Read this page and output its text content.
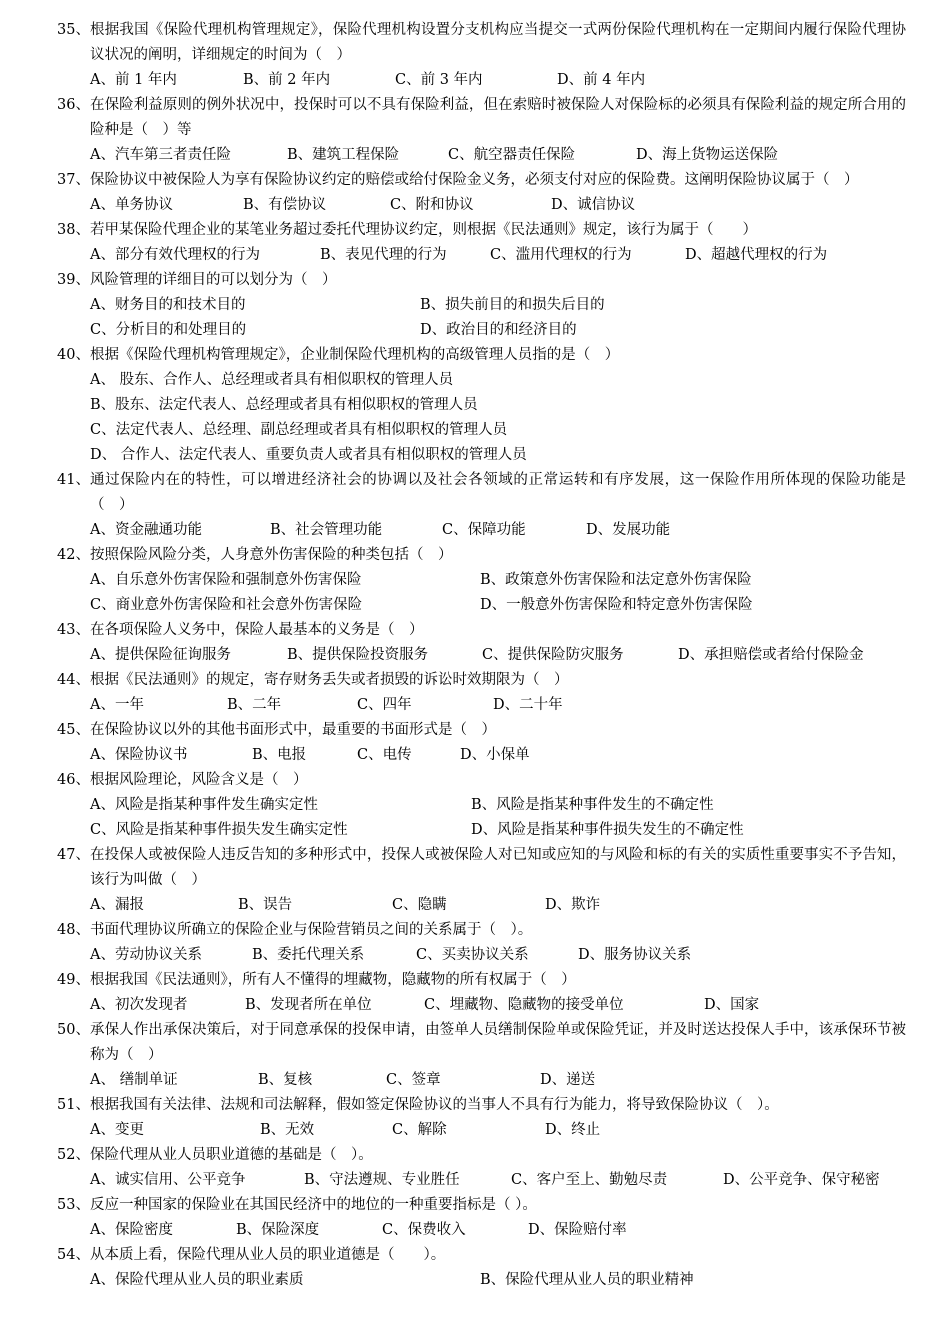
35、 根据我国《保险代理机构管理规定》，保险代理机构设置分支机构应当提交一式两份保险代理机构在一定期间内履行保险代理协议状况的阐明，详细规定的时间为（　）
A、前 1 年内	B、前 2 年内	C、前 3 年内	D、前 4 年内
36、 在保险利益原则的例外状况中，投保时可以不具有保险利益，但在索赔时被保险人对保险标的必须具有保险利益的规定所合用的险种是（　）等
A、汽车第三者责任险	B、建筑工程保险	C、航空器责任保险	D、海上货物运送保险
37、 保险协议中被保险人为享有保险协议约定的赔偿或给付保险金义务，必须支付对应的保险费。这阐明保险协议属于（　）
A、单务协议	B、有偿协议	C、附和协议	D、诚信协议
38、 若甲某保险代理企业的某笔业务超过委托代理协议约定，则根据《民法通则》规定，该行为属于（　　）
A、部分有效代理权的行为	B、表见代理的行为	C、滥用代理权的行为	D、超越代理权的行为
39、 风险管理的详细目的可以划分为（　）
A、财务目的和技术目的	B、损失前目的和损失后目的
C、分析目的和处理目的	D、政治目的和经济目的
40、 根据《保险代理机构管理规定》，企业制保险代理机构的高级管理人员指的是（　）
A、 股东、合作人、总经理或者具有相似职权的管理人员
B、股东、法定代表人、总经理或者具有相似职权的管理人员
C、法定代表人、总经理、副总经理或者具有相似职权的管理人员
D、 合作人、法定代表人、重要负责人或者具有相似职权的管理人员
41、 通过保险内在的特性，可以增进经济社会的协调以及社会各领域的正常运转和有序发展，这一保险作用所体现的保险功能是（　）
A、资金融通功能	B、社会管理功能	C、保障功能	D、发展功能
42、 按照保险风险分类，人身意外伤害保险的种类包括（　）
A、自乐意外伤害保险和强制意外伤害保险	B、政策意外伤害保险和法定意外伤害保险
C、商业意外伤害保险和社会意外伤害保险	D、一般意外伤害保险和特定意外伤害保险
43、 在各项保险人义务中，保险人最基本的义务是（　）
A、提供保险征询服务	B、提供保险投资服务	C、提供保险防灾服务	D、承担赔偿或者给付保险金
44、 根据《民法通则》的规定，寄存财务丢失或者损毁的诉讼时效期限为（　）
A、一年	B、二年	C、四年	D、二十年
45、 在保险协议以外的其他书面形式中，最重要的书面形式是（　）
A、保险协议书	B、电报	C、电传	D、小保单
46、 根据风险理论，风险含义是（　）
A、风险是指某种事件发生确实定性	B、风险是指某种事件发生的不确定性
C、风险是指某种事件损失发生确实定性	D、风险是指某种事件损失发生的不确定性
47、 在投保人或被保险人违反告知的多种形式中，投保人或被保险人对已知或应知的与风险和标的有关的实质性重要事实不予告知，该行为叫做（　）
A、漏报	B、误告	C、隐瞒	D、欺诈
48、 书面代理协议所确立的保险企业与保险营销员之间的关系属于（　）。
A、劳动协议关系	B、委托代理关系	C、买卖协议关系	D、服务协议关系
49、 根据我国《民法通则》，所有人不懂得的埋藏物，隐藏物的所有权属于（　）
A、初次发现者	B、发现者所在单位	C、埋藏物、隐藏物的接受单位	D、国家
50、 承保人作出承保决策后，对于同意承保的投保申请，由签单人员缮制保险单或保险凭证，并及时送达投保人手中，该承保环节被称为（　）
A、 缮制单证	B、复核	C、签章	D、递送
51、 根据我国有关法律、法规和司法解释，假如签定保险协议的当事人不具有行为能力，将导致保险协议（　）。
A、变更	B、无效	C、解除	D、终止
52、 保险代理从业人员职业道德的基础是（　）。
A、诚实信用、公平竞争	B、守法遵规、专业胜任	C、客户至上、勤勉尽责	D、公平竞争、保守秘密
53、 反应一种国家的保险业在其国民经济中的地位的一种重要指标是（ ）。
A、保险密度	B、保险深度	C、保费收入	D、保险赔付率
54、 从本质上看，保险代理从业人员的职业道德是（　　）。
A、保险代理从业人员的职业素质	B、保险代理从业人员的职业精神
